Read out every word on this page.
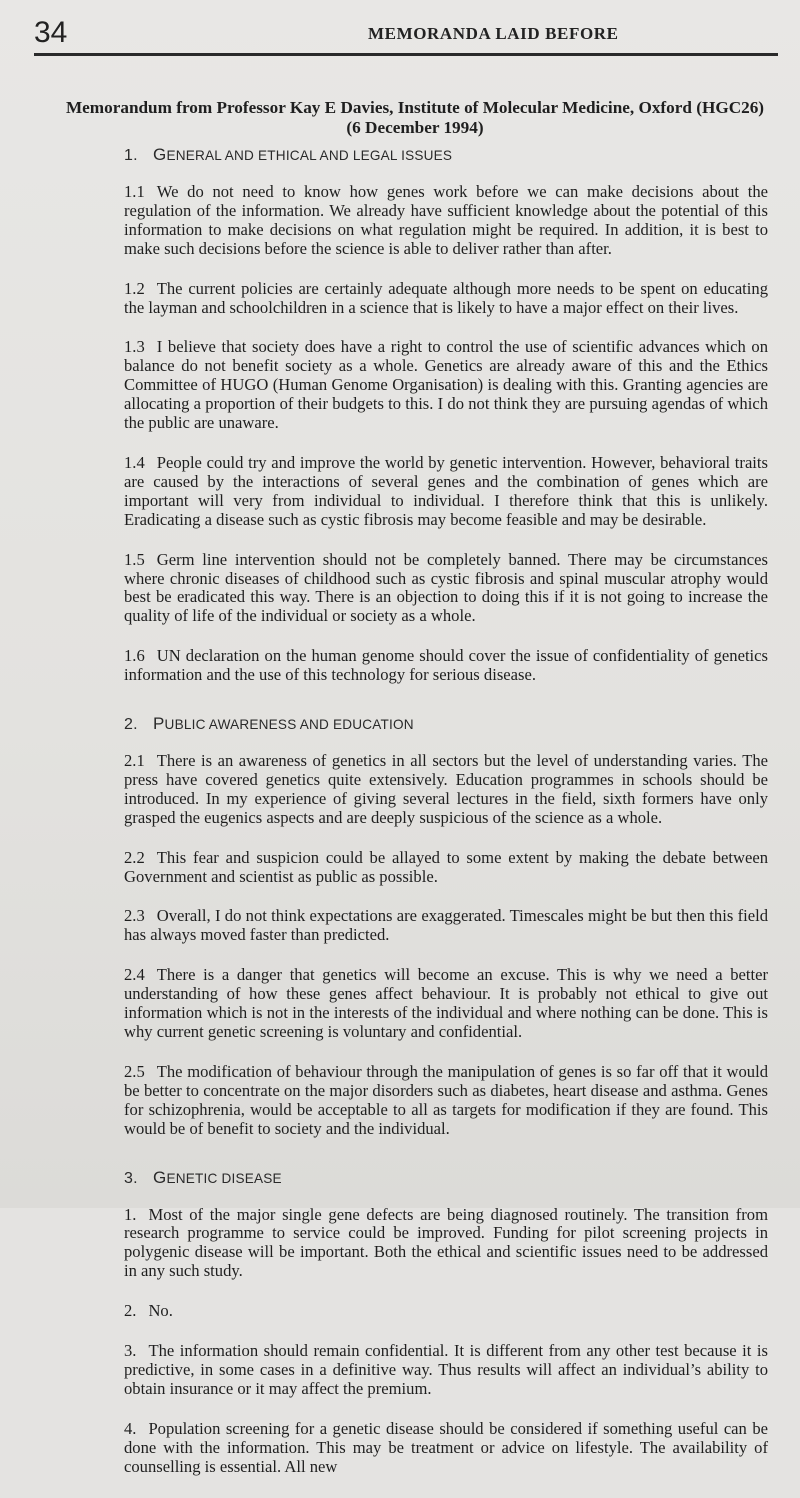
34	MEMORANDA LAID BEFORE
Memorandum from Professor Kay E Davies, Institute of Molecular Medicine, Oxford (HGC26)
(6 December 1994)
1. GENERAL AND ETHICAL AND LEGAL ISSUES

1.1 We do not need to know how genes work before we can make decisions about the regulation of the information. We already have sufficient knowledge about the potential of this information to make decisions on what regulation might be required. In addition, it is best to make such decisions before the science is able to deliver rather than after.

1.2 The current policies are certainly adequate although more needs to be spent on educating the layman and schoolchildren in a science that is likely to have a major effect on their lives.

1.3 I believe that society does have a right to control the use of scientific advances which on balance do not benefit society as a whole. Genetics are already aware of this and the Ethics Committee of HUGO (Human Genome Organisation) is dealing with this. Granting agencies are allocating a proportion of their budgets to this. I do not think they are pursuing agendas of which the public are unaware.

1.4 People could try and improve the world by genetic intervention. However, behavioral traits are caused by the interactions of several genes and the combination of genes which are important will very from individual to individual. I therefore think that this is unlikely. Eradicating a disease such as cystic fibrosis may become feasible and may be desirable.

1.5 Germ line intervention should not be completely banned. There may be circumstances where chronic diseases of childhood such as cystic fibrosis and spinal muscular atrophy would best be eradicated this way. There is an objection to doing this if it is not going to increase the quality of life of the individual or society as a whole.

1.6 UN declaration on the human genome should cover the issue of confidentiality of genetics information and the use of this technology for serious disease.

2. PUBLIC AWARENESS AND EDUCATION

2.1 There is an awareness of genetics in all sectors but the level of understanding varies. The press have covered genetics quite extensively. Education programmes in schools should be introduced. In my experience of giving several lectures in the field, sixth formers have only grasped the eugenics aspects and are deeply suspicious of the science as a whole.

2.2 This fear and suspicion could be allayed to some extent by making the debate between Government and scientist as public as possible.

2.3 Overall, I do not think expectations are exaggerated. Timescales might be but then this field has always moved faster than predicted.

2.4 There is a danger that genetics will become an excuse. This is why we need a better understanding of how these genes affect behaviour. It is probably not ethical to give out information which is not in the interests of the individual and where nothing can be done. This is why current genetic screening is voluntary and confidential.

2.5 The modification of behaviour through the manipulation of genes is so far off that it would be better to concentrate on the major disorders such as diabetes, heart disease and asthma. Genes for schizophrenia, would be acceptable to all as targets for modification if they are found. This would be of benefit to society and the individual.

3. GENETIC DISEASE

1. Most of the major single gene defects are being diagnosed routinely. The transition from research programme to service could be improved. Funding for pilot screening projects in polygenic disease will be important. Both the ethical and scientific issues need to be addressed in any such study.

2. No.

3. The information should remain confidential. It is different from any other test because it is predictive, in some cases in a definitive way. Thus results will affect an individual’s ability to obtain insurance or it may affect the premium.

4. Population screening for a genetic disease should be considered if something useful can be done with the information. This may be treatment or advice on lifestyle. The availability of counselling is essential. All new
